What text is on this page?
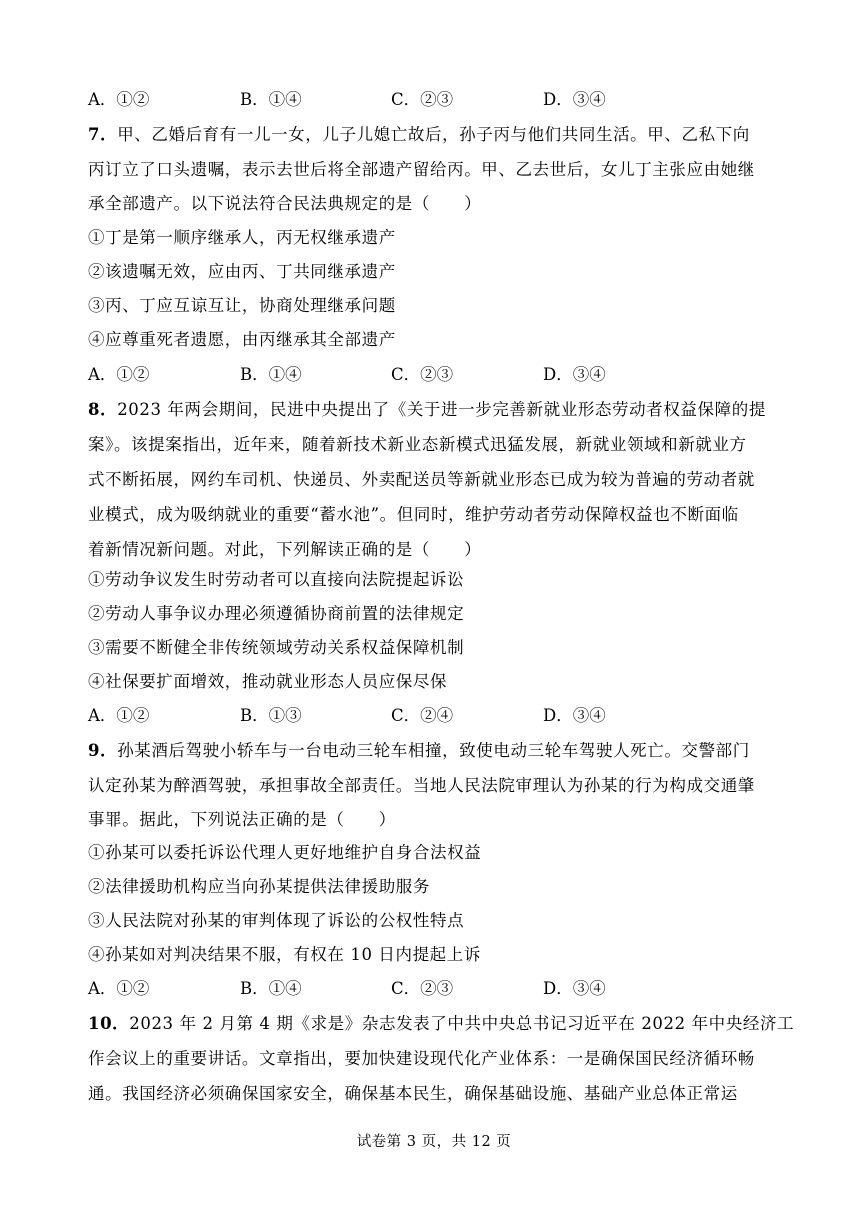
A．①②	B．①④	C．②③	D．③④
7．甲、乙婚后育有一儿一女，儿子儿媳亡故后，孙子丙与他们共同生活。甲、乙私下向
丙订立了口头遗嘱，表示去世后将全部遗产留给丙。甲、乙去世后，女儿丁主张应由她继
承全部遗产。以下说法符合民法典规定的是（　　）
①丁是第一顺序继承人，丙无权继承遗产
②该遗嘱无效，应由丙、丁共同继承遗产
③丙、丁应互谅互让，协商处理继承问题
④应尊重死者遗愿，由丙继承其全部遗产
A．①②	B．①④	C．②③	D．③④
8．2023 年两会期间，民进中央提出了《关于进一步完善新就业形态劳动者权益保障的提
案》。该提案指出，近年来，随着新技术新业态新模式迅猛发展，新就业领域和新就业方
式不断拓展，网约车司机、快递员、外卖配送员等新就业形态已成为较为普遍的劳动者就
业模式，成为吸纳就业的重要“蓄水池”。但同时，维护劳动者劳动保障权益也不断面临
着新情况新问题。对此，下列解读正确的是（　　）
①劳动争议发生时劳动者可以直接向法院提起诉讼
②劳动人事争议办理必须遵循协商前置的法律规定
③需要不断健全非传统领域劳动关系权益保障机制
④社保要扩面增效，推动就业形态人员应保尽保
A．①②	B．①③	C．②④	D．③④
9．孙某酒后驾驶小轿车与一台电动三轮车相撞，致使电动三轮车驾驶人死亡。交警部门
认定孙某为醉酒驾驶，承担事故全部责任。当地人民法院审理认为孙某的行为构成交通肇
事罪。据此，下列说法正确的是（　　）
①孙某可以委托诉讼代理人更好地维护自身合法权益
②法律援助机构应当向孙某提供法律援助服务
③人民法院对孙某的审判体现了诉讼的公权性特点
④孙某如对判决结果不服，有权在 10 日内提起上诉
A．①②	B．①④	C．②③	D．③④
10．2023 年 2 月第 4 期《求是》杂志发表了中共中央总书记习近平在 2022 年中央经济工
作会议上的重要讲话。文章指出，要加快建设现代化产业体系：一是确保国民经济循环畅
通。我国经济必须确保国家安全，确保基本民生，确保基础设施、基础产业总体正常运
试卷第 3 页，共 12 页
